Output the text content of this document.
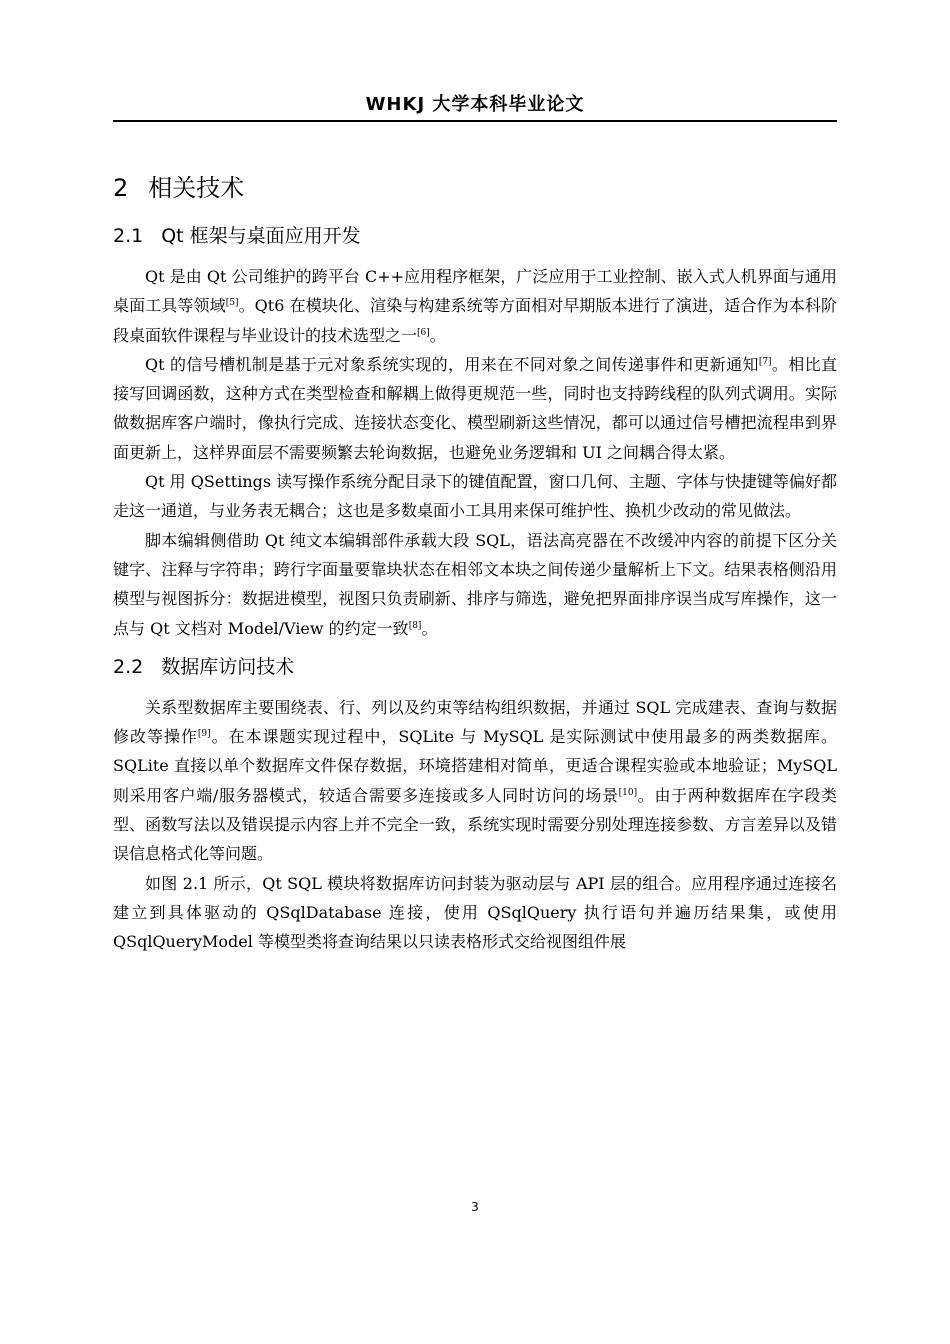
WHKJ 大学本科毕业论文
2 相关技术
2.1 Qt 框架与桌面应用开发

Qt 是由 Qt 公司维护的跨平台 C++应用程序框架，广泛应用于工业控制、嵌入式人机界面与通用桌面工具等领域[5]。Qt6 在模块化、渲染与构建系统等方面相对早期版本进行了演进，适合作为本科阶段桌面软件课程与毕业设计的技术选型之一[6]。

Qt 的信号槽机制是基于元对象系统实现的，用来在不同对象之间传递事件和更新通知[7]。相比直接写回调函数，这种方式在类型检查和解耦上做得更规范一些，同时也支持跨线程的队列式调用。实际做数据库客户端时，像执行完成、连接状态变化、模型刷新这些情况，都可以通过信号槽把流程串到界面更新上，这样界面层不需要频繁去轮询数据，也避免业务逻辑和 UI 之间耦合得太紧。

Qt 用 QSettings 读写操作系统分配目录下的键值配置，窗口几何、主题、字体与快捷键等偏好都走这一通道，与业务表无耦合；这也是多数桌面小工具用来保可维护性、换机少改动的常见做法。

脚本编辑侧借助 Qt 纯文本编辑部件承载大段 SQL，语法高亮器在不改缓冲内容的前提下区分关键字、注释与字符串；跨行字面量要靠块状态在相邻文本块之间传递少量解析上下文。结果表格侧沿用模型与视图拆分：数据进模型，视图只负责刷新、排序与筛选，避免把界面排序误当成写库操作，这一点与 Qt 文档对 Model/View 的约定一致[8]。

2.2 数据库访问技术

关系型数据库主要围绕表、行、列以及约束等结构组织数据，并通过 SQL 完成建表、查询与数据修改等操作[9]。在本课题实现过程中，SQLite 与 MySQL 是实际测试中使用最多的两类数据库。SQLite 直接以单个数据库文件保存数据，环境搭建相对简单，更适合课程实验或本地验证；MySQL 则采用客户端/服务器模式，较适合需要多连接或多人同时访问的场景[10]。由于两种数据库在字段类型、函数写法以及错误提示内容上并不完全一致，系统实现时需要分别处理连接参数、方言差异以及错误信息格式化等问题。

如图 2.1 所示，Qt SQL 模块将数据库访问封装为驱动层与 API 层的组合。应用程序通过连接名建立到具体驱动的 QSqlDatabase 连接，使用 QSqlQuery 执行语句并遍历结果集，或使用 QSqlQueryModel 等模型类将查询结果以只读表格形式交给视图组件展

3
